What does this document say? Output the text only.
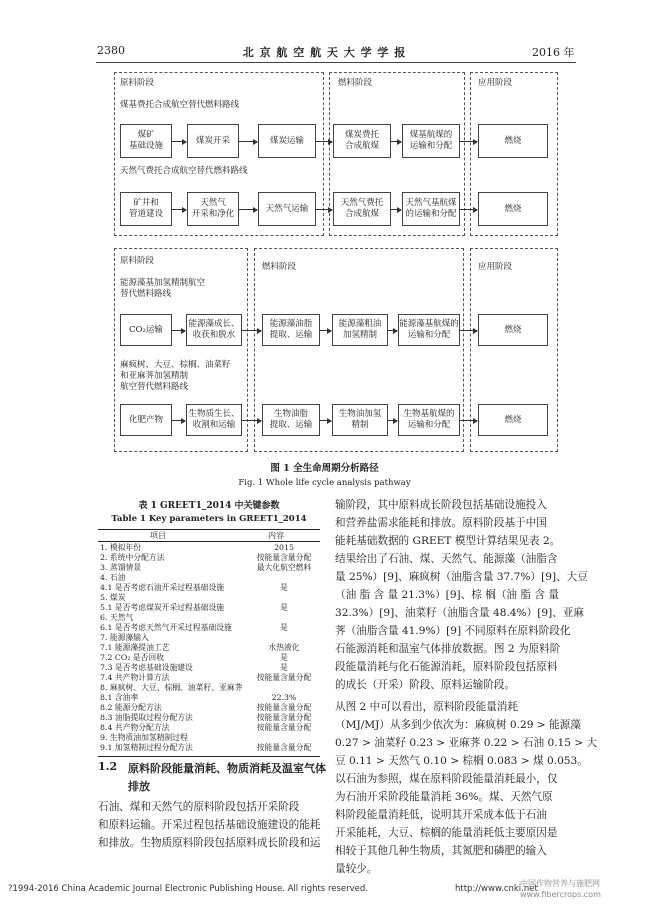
2380	北 京 航 空 航 天 大 学 学 报	2016 年
原料阶段	燃料阶段	应用阶段
煤基费托合成航空替代燃料路线
煤矿
基础设施
煤炭开采	煤炭运输
煤炭费托
合成航煤
煤基航煤的
运输和分配
燃烧
天然气费托合成航空替代燃料路线
矿井和
管道建设
天然气
开采和净化
天然气运输
天然气费托
合成航煤
天然气基航煤
的运输和分配
燃烧
原料阶段
燃料阶段	应用阶段
能源藻基加氢精制航空
替代燃料路线
CO₂运输
能源藻成长、
收获和脱水
能源藻油脂
提取、运输
能源藻粗油
加氢精制
能源藻基航煤的
运输和分配
燃烧
麻疯树、大豆、棕榈、油菜籽
和亚麻荠加氢精制
航空替代燃料路线
化肥产物
生物质生长、
收割和运输
生物油脂
提取、运输
生物油加氢
精制
生物基航煤的
运输和分配
燃烧
图 1 全生命周期分析路径
Fig. 1 Whole life cycle analysis pathway
表 1 GREET1_2014 中关键参数
Table 1 Key parameters in GREET1_2014
项目	内容
1. 模拟年份	2015
2. 系统中分配方法	按能量含量分配
3. 蒸馏情景	最大化航空燃料
4. 石油
4.1 是否考虑石油开采过程基础设施	是
5. 煤炭
5.1 是否考虑煤炭开采过程基础设施	是
6. 天然气
6.1 是否考虑天然气开采过程基础设施	是
7. 能源藻输入
7.1 能源藻提油工艺	水热液化
7.2 CO₂ 是否回收	是
7.3 是否考虑基础设施建设	是
7.4 共产物计算方法	按能量含量分配
8. 麻疯树、大豆、棕榈、油菜籽、亚麻荠
8.1 含油率	22.3%
8.2 能源分配方法	按能量含量分配
8.3 油脂提取过程分配方法	按能量含量分配
8.4 共产物分配方法	按能量含量分配
9. 生物质油加氢精制过程
9.1 加氢精制过程分配方法	按能量含量分配
1.2 原料阶段能量消耗、物质消耗及温室气体
排放
石油、煤和天然气的原料阶段包括开采阶段
和原料运输。开采过程包括基础设施建设的能耗
和排放。生物质原料阶段包括原料成长阶段和运
输阶段，其中原料成长阶段包括基础设施投入
和营养盐需求能耗和排放。原料阶段基于中国
能耗基础数据的 GREET 模型计算结果见表 2。
结果给出了石油、煤、天然气、能源藻（油脂含
量 25%）[9]、麻疯树（油脂含量 37.7%）[9]、大豆
（油 脂 含 量 21.3%）[9]、棕 榈（油 脂 含 量
32.3%）[9]、油菜籽（油脂含量 48.4%）[9]、亚麻
荠（油脂含量 41.9%）[9] 不同原料在原料阶段化
石能源消耗和温室气体排放数据。图 2 为原料阶
段能量消耗与化石能源消耗，原料阶段包括原料
的成长（开采）阶段、原料运输阶段。
从图 2 中可以看出，原料阶段能量消耗
（MJ/MJ）从多到少依次为：麻疯树 0.29 > 能源藻
0.27 > 油菜籽 0.23 > 亚麻荠 0.22 > 石油 0.15 > 大
豆 0.11 > 天然气 0.10 > 棕榈 0.083 > 煤 0.053。
以石油为参照，煤在原料阶段能量消耗最小，仅
为石油开采阶段能量消耗 36%。煤、天然气原
料阶段能量消耗低，说明其开采成本低于石油
开采能耗，大豆、棕榈的能量消耗低主要原因是
相较于其他几种生物质，其氮肥和磷肥的输入
量较少。
?1994-2016 China Academic Journal Electronic Publishing House. All rights reserved.	http://www.cnki.net
中国作物营养与施肥网 www.fibercrops.com
